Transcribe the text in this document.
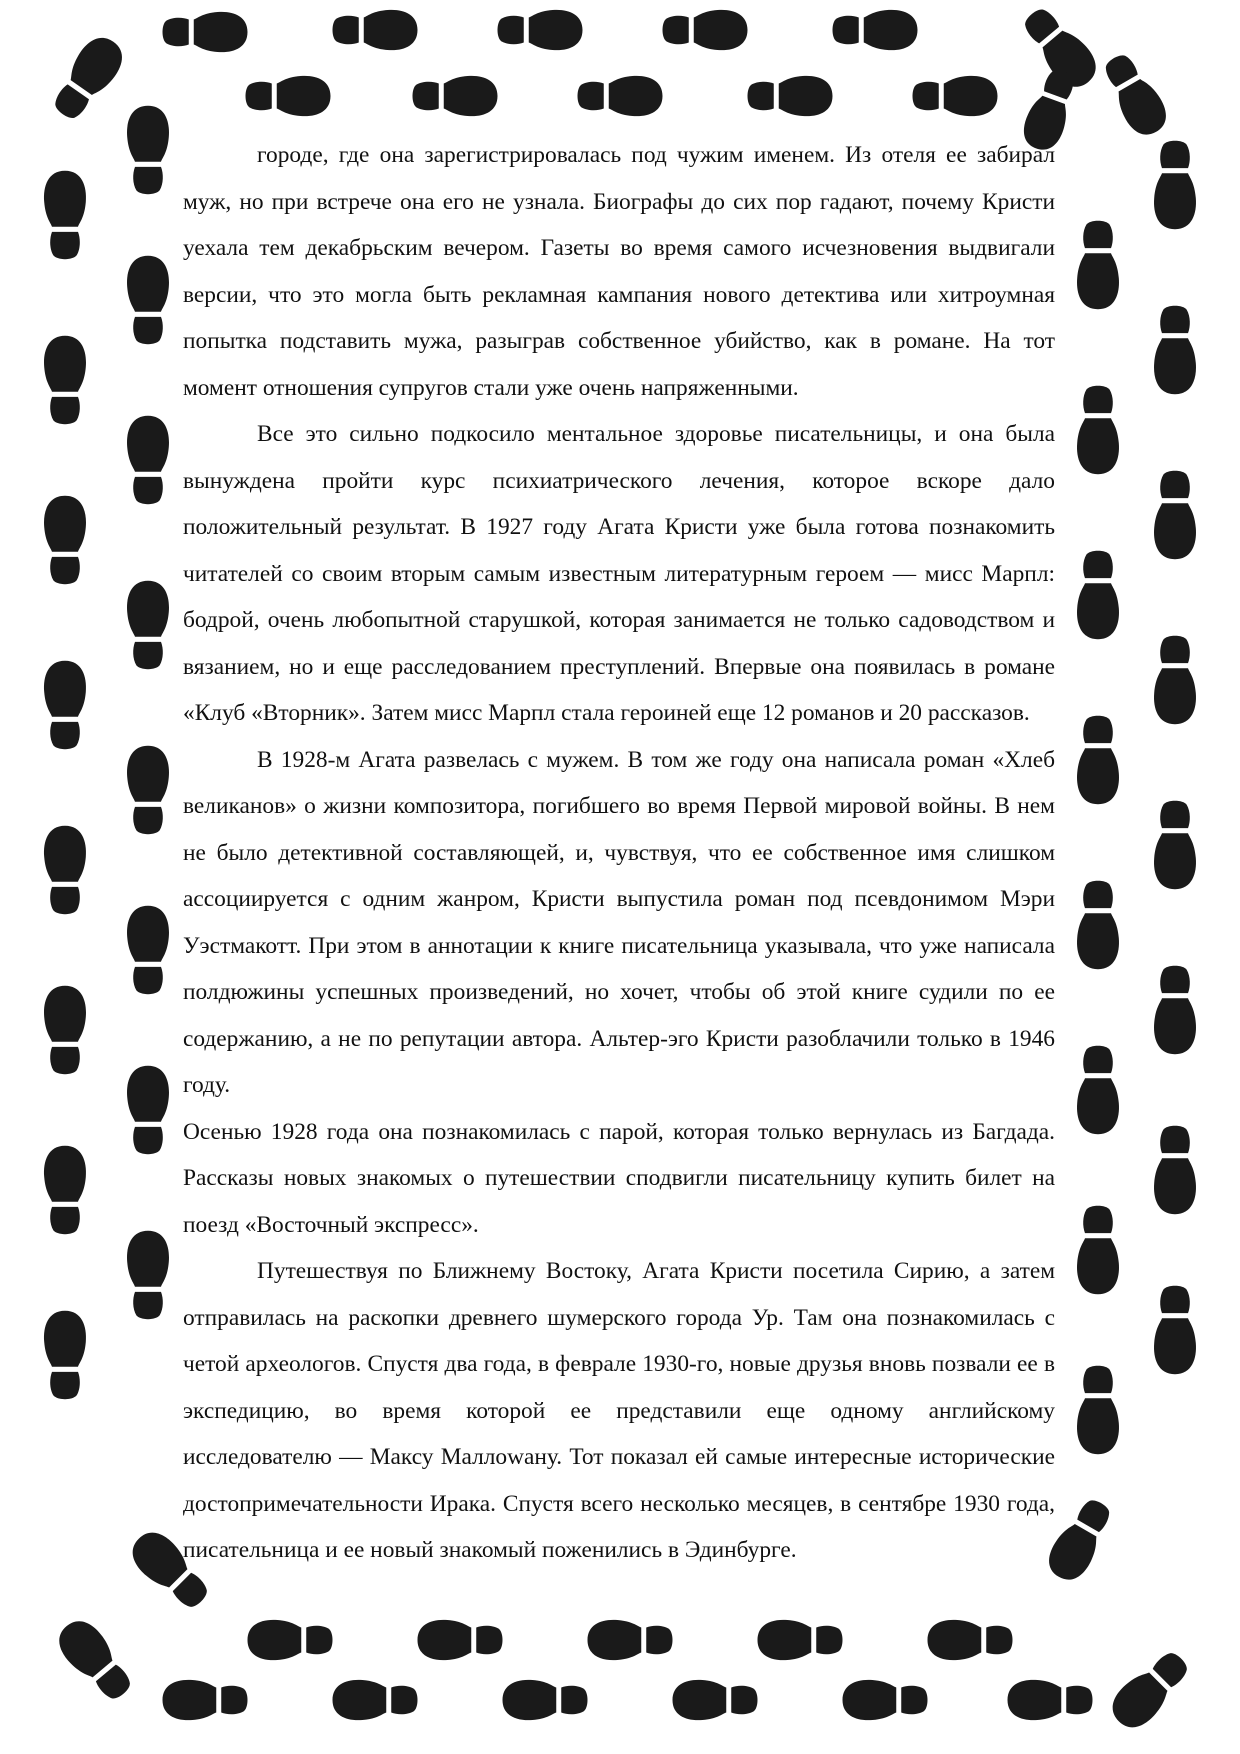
городе, где она зарегистрировалась под чужим именем. Из отеля ее забирал муж, но при встрече она его не узнала. Биографы до сих пор гадают, почему Кристи уехала тем декабрьским вечером. Газеты во время самого исчезновения выдвигали версии, что это могла быть рекламная кампания нового детектива или хитроумная попытка подставить мужа, разыграв собственное убийство, как в романе. На тот момент отношения супругов стали уже очень напряженными.

Все это сильно подкосило ментальное здоровье писательницы, и она была вынуждена пройти курс психиатрического лечения, которое вскоре дало положительный результат. В 1927 году Агата Кристи уже была готова познакомить читателей со своим вторым самым известным литературным героем — мисс Марпл: бодрой, очень любопытной старушкой, которая занимается не только садоводством и вязанием, но и еще расследованием преступлений. Впервые она появилась в романе «Клуб «Вторник». Затем мисс Марпл стала героиней еще 12 романов и 20 рассказов.

В 1928-м Агата развелась с мужем. В том же году она написала роман «Хлеб великанов» о жизни композитора, погибшего во время Первой мировой войны. В нем не было детективной составляющей, и, чувствуя, что ее собственное имя слишком ассоциируется с одним жанром, Кристи выпустила роман под псевдонимом Мэри Уэстмакотт. При этом в аннотации к книге писательница указывала, что уже написала полдюжины успешных произведений, но хочет, чтобы об этой книге судили по ее содержанию, а не по репутации автора. Альтер-эго Кристи разоблачили только в 1946 году.

Осенью 1928 года она познакомилась с парой, которая только вернулась из Багдада. Рассказы новых знакомых о путешествии сподвигли писательницу купить билет на поезд «Восточный экспресс».

Путешествуя по Ближнему Востоку, Агата Кристи посетила Сирию, а затем отправилась на раскопки древнего шумерского города Ур. Там она познакомилась с четой археологов. Спустя два года, в феврале 1930-го, новые друзья вновь позвали ее в экспедицию, во время которой ее представили еще одному английскому исследователю — Максу Маллowану. Тот показал ей самые интересные исторические достопримечательности Ирака. Спустя всего несколько месяцев, в сентябре 1930 года, писательница и ее новый знакомый поженились в Эдинбурге.
